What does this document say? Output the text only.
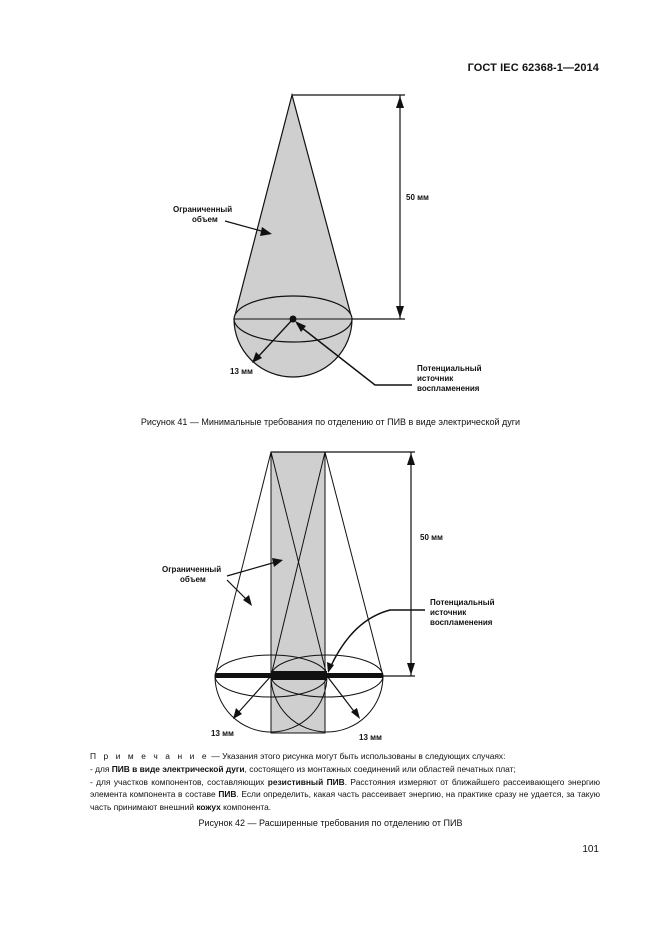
ГОСТ IEC 62368-1—2014
Ограниченный
объем
50 мм
13 мм	Потенциальный
источник
воспламенения
Рисунок 41 — Минимальные требования по отделению от ПИВ в виде электрической дуги
Ограниченный
объем
50 мм
13 мм	13 мм
Потенциальный
источник
воспламенения

П р и м е ч а н и е — Указания этого рисунка могут быть использованы в следующих случаях:

- для ПИВ в виде электрической дуги, состоящего из монтажных соединений или областей печатных плат;

- для участков компонентов, составляющих резистивный ПИВ. Расстояния измеряют от ближайшего рассеивающего энергию элемента компонента в составе ПИВ. Если определить, какая часть рассеивает энергию, на практике сразу не удается, за такую часть принимают внешний кожух компонента.

Рисунок 42 — Расширенные требования по отделению от ПИВ
101
